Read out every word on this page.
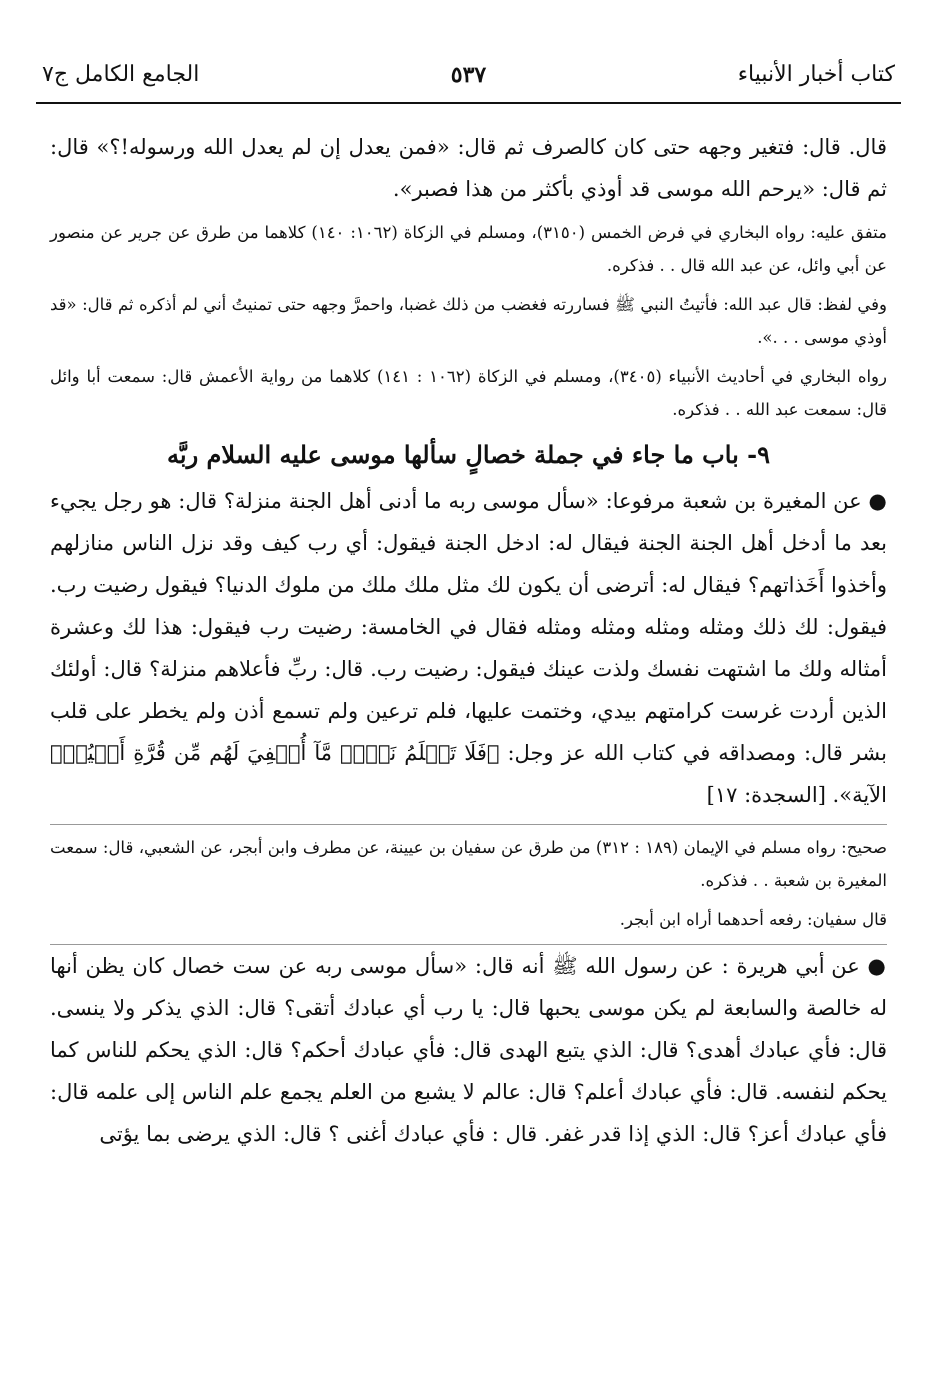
كتاب أخبار الأنبياء
٥٣٧
الجامع الكامل ج٧

قال. قال: فتغير وجهه حتى كان كالصرف ثم قال: «فمن يعدل إن لم يعدل الله ورسوله!؟» قال: ثم قال: «يرحم الله موسى قد أوذي بأكثر من هذا فصبر».

متفق عليه: رواه البخاري في فرض الخمس (٣١٥٠)، ومسلم في الزكاة (١٠٦٢: ١٤٠) كلاهما من طرق عن جرير عن منصور عن أبي وائل، عن عبد الله قال . . فذكره.

وفي لفظ: قال عبد الله: فأتيتُ النبي ﷺ فساررته فغضب من ذلك غضبا، واحمرَّ وجهه حتى تمنيتُ أني لم أذكره ثم قال: «قد أوذي موسى . . .».

رواه البخاري في أحاديث الأنبياء (٣٤٠٥)، ومسلم في الزكاة (١٠٦٢ : ١٤١) كلاهما من رواية الأعمش قال: سمعت أبا وائل قال: سمعت عبد الله . . فذكره.

٩- باب ما جاء في جملة خصالٍ سألها موسى عليه السلام ربَّه

● عن المغيرة بن شعبة مرفوعا: «سأل موسى ربه ما أدنى أهل الجنة منزلة؟ قال: هو رجل يجيء بعد ما أدخل أهل الجنة الجنة فيقال له: ادخل الجنة فيقول: أي رب كيف وقد نزل الناس منازلهم وأخذوا أَخَذاتهم؟ فيقال له: أترضى أن يكون لك مثل ملك ملك من ملوك الدنيا؟ فيقول رضيت رب. فيقول: لك ذلك ومثله ومثله ومثله ومثله فقال في الخامسة: رضيت رب فيقول: هذا لك وعشرة أمثاله ولك ما اشتهت نفسك ولذت عينك فيقول: رضيت رب. قال: ربِّ فأعلاهم منزلة؟ قال: أولئك الذين أردت غرست كرامتهم بيدي، وختمت عليها، فلم ترعين ولم تسمع أذن ولم يخطر على قلب بشر قال: ومصداقه في كتاب الله عز وجل: ﴿فَلَا تَعۡلَمُ نَفۡسٞ مَّآ أُخۡفِيَ لَهُم مِّن قُرَّةِ أَعۡيُنٖ﴾ الآية». [السجدة: ١٧]

صحيح: رواه مسلم في الإيمان (١٨٩ : ٣١٢) من طرق عن سفيان بن عيينة، عن مطرف وابن أبجر، عن الشعبي، قال: سمعت المغيرة بن شعبة . . فذكره.

قال سفيان: رفعه أحدهما أراه ابن أبجر.

● عن أبي هريرة : عن رسول الله ﷺ أنه قال: «سأل موسى ربه عن ست خصال كان يظن أنها له خالصة والسابعة لم يكن موسى يحبها قال: يا رب أي عبادك أتقى؟ قال: الذي يذكر ولا ينسى. قال: فأي عبادك أهدى؟ قال: الذي يتبع الهدى قال: فأي عبادك أحكم؟ قال: الذي يحكم للناس كما يحكم لنفسه. قال: فأي عبادك أعلم؟ قال: عالم لا يشبع من العلم يجمع علم الناس إلى علمه قال: فأي عبادك أعز؟ قال: الذي إذا قدر غفر. قال : فأي عبادك أغنى ؟ قال: الذي يرضى بما يؤتى
